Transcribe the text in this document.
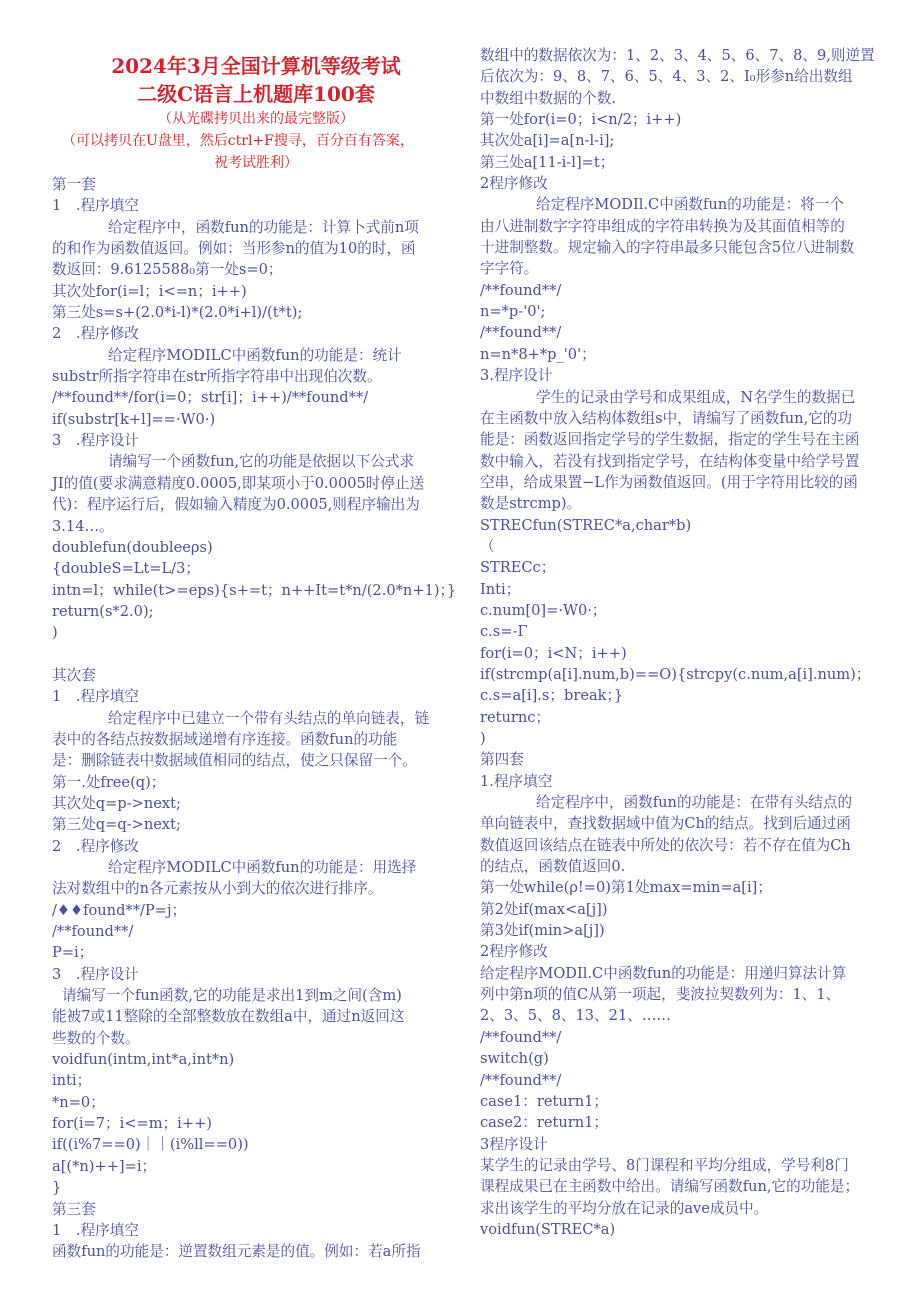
2024年3月全国计算机等级考试
二级C语言上机题库100套
（从光碟拷贝出来的最完整版）
（可以拷贝在U盘里，然后ctrl+F搜寻，百分百有答案，
祝考试胜利）
第一套
1　.程序填空
给定程序中，函数fun的功能是：计算卜式前n项
的和作为函数值返回。例如：当形参n的值为10的时，函
数返回：9.6125588₀第一处s=0；
其次处for(i=l；i<=n；i++)
第三处s=s+(2.0*i-l)*(2.0*i+l)/(t*t);
2　.程序修改
给定程序MODILC中函数fun的功能是：统计
substr所指字符串在str所指字符串中出现伯次数。
/**found**/for(i=0；str[i]；i++)/**found**/
if(substr[k+l]==·W0·)
3　.程序设计
请编写一个函数fun,它的功能是依据以下公式求
JI的值(要求满意精度0.0005,即某项小于0.0005时停止送
代)：程序运行后，假如输入精度为0.0005,则程序输出为
3.14…。
doublefun(doubleeρs)
{doubleS=Lt=L/3；
intn=l；while(t>=eps){s+=t；n++It=t*n/(2.0*n+1)；}
return(s*2.0);
)
其次套
1　.程序填空
给定程序中已建立一个带有头结点的单向链表，链
表中的各结点按数据域递增有序连接。函数fun的功能
是：删除链表中数据域值相同的结点，使之只保留一个。
第一.处free(q)；
其次处q=p->next;
第三处q=q->next;
2　.程序修改
给定程序MODILC中函数fun的功能是：用选择
法对数组中的n各元素按从小到大的依次进行排序。
/♦♦found**/P=j；
/**found**/
P=i；
3　.程序设计
请编写一个fun函数,它的功能是求出1到m之间(含m)
能被7或11整除的全部整数放在数组a中，通过n返回这
些数的个数。
voidfun(intm,int*a,int*n)
inti；
*n=0；
for(i=7；i<=m；i++)
if((i%7==0)｜｜(i%ll==0))
a[(*n)++]=i；
}
第三套
1　.程序填空
函数fun的功能是：逆置数组元素是的值。例如：若a所指
数组中的数据依次为：1、2、3、4、5、6、7、8、9,则逆置
后依次为：9、8、7、6、5、4、3、2、I₀形参n给出数组
中数组中数据的个数.
第一处for(i=0；i<n/2；i++)
其次处a[i]=a[n-l-i];
第三处a[11-i-l]=t；
2程序修改
给定程序MODIl.C中函数fun的功能是：将一个
由八进制数字字符串组成的字符串转换为及其面值相等的
十进制整数。规定输入的字符串最多只能包含5位八进制数
字字符。
/**found**/
n=*p-'0';
/**found**/
n=n*8+*p_'0'；
3.程序设计
学生的记录由学号和成果组成，N名学生的数据已
在主函数中放入结构体数组s中，请编写了函数fun,它的功
能是：函数返回指定学号的学生数据，指定的学生号在主函
数中输入，若没有找到指定学号，在结构体变量中给学号置
空串，给成果置−L作为函数值返回。(用于字符用比较的函
数是strcmp)。
STRECfun(STREC*a,char*b)
（
STRECc；
Inti；
c.num[0]=·W0·；
c.s=-Γ
for(i=0；i<N；i++)
if(strcmp(a[i].num,b)==O){strcpy(c.num,a[i].num)；
c.s=a[i].s；break；}
returnc；
)
第四套
1.程序填空
给定程序中，函数fun的功能是：在带有头结点的
单向链表中，查找数据域中值为Ch的结点。找到后通过函
数值返回该结点在链表中所处的依次号：若不存在值为Ch
的结点，函数值返回0.
第一处while(ρ!=0)第1处max=min=a[i]；
第2处if(max<a[j])
第3处if(min>a[j])
2程序修改
给定程序MODIl.C中函数fun的功能是：用递归算法计算
列中第n项的值C从第一项起，斐波拉契数列为：1、1、
2、3、5、8、13、21、……
/**found**/
switch(g)
/**found**/
case1：return1；
case2：return1；
3程序设计
某学生的记录由学号、8门课程和平均分组成，学号利8门
课程成果已在主函数中给出。请编写函数fun,它的功能是；
求出该学生的平均分放在记录的ave成员中。
voidfun(STREC*a)
